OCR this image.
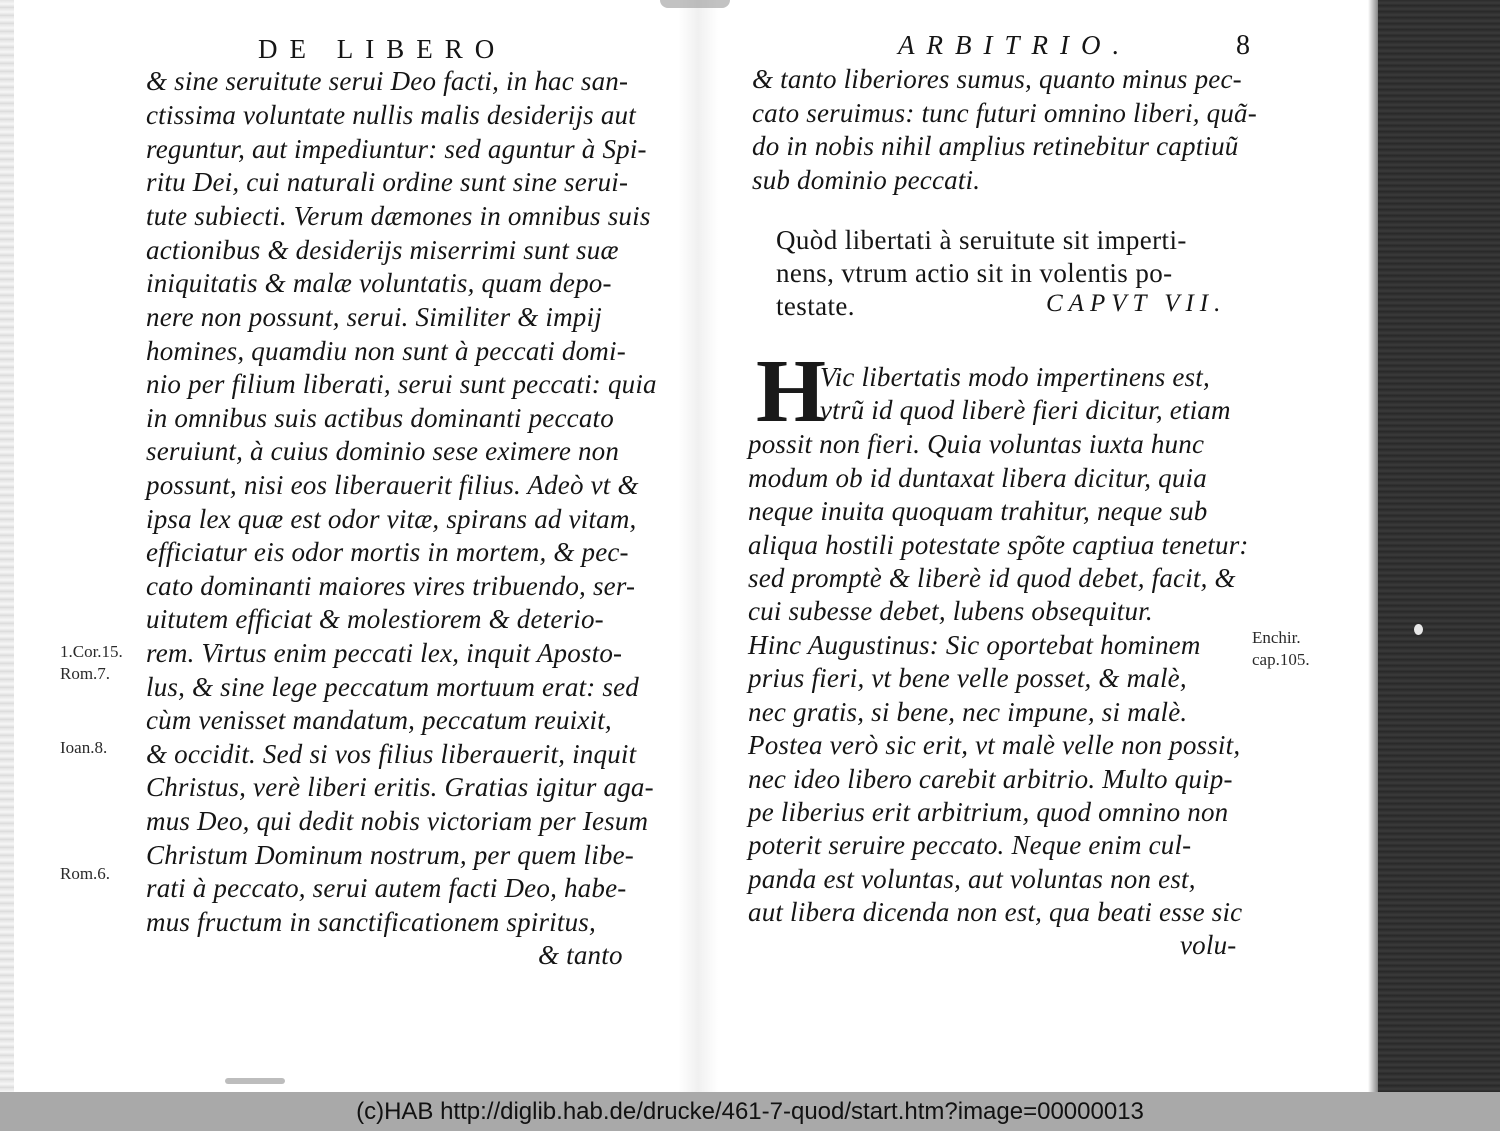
DE LIBERO
& sine seruitute serui Deo facti, in hac san-
ctissima voluntate nullis malis desiderijs aut
reguntur, aut impediuntur: sed aguntur à Spi-
ritu Dei, cui naturali ordine sunt sine serui-
tute subiecti. Verum dæmones in omnibus suis
actionibus & desiderijs miserrimi sunt suæ
iniquitatis & malæ voluntatis, quam depo-
nere non possunt, serui. Similiter & impij
homines, quamdiu non sunt à peccati domi-
nio per filium liberati, serui sunt peccati: quia
in omnibus suis actibus dominanti peccato
seruiunt, à cuius dominio sese eximere non
possunt, nisi eos liberauerit filius. Adeò vt &
ipsa lex quæ est odor vitæ, spirans ad vitam,
efficiatur eis odor mortis in mortem, & pec-
cato dominanti maiores vires tribuendo, ser-
uitutem efficiat & molestiorem & deterio-
rem. Virtus enim peccati lex, inquit Aposto-
lus, & sine lege peccatum mortuum erat: sed
cùm venisset mandatum, peccatum reuixit,
& occidit. Sed si vos filius liberauerit, inquit
Christus, verè liberi eritis. Gratias igitur aga-
mus Deo, qui dedit nobis victoriam per Iesum
Christum Dominum nostrum, per quem libe-
rati à peccato, serui autem facti Deo, habe-
mus fructum in sanctificationem spiritus,
& tanto
1.Cor.15.
Rom.7.
Ioan.8.
Rom.6.
ARBITRIO.	8
& tanto liberiores sumus, quanto minus pec-
cato seruimus: tunc futuri omnino liberi, quã-
do in nobis nihil amplius retinebitur captiuũ
sub dominio peccati.
Quòd libertati à seruitute sit imperti-
nens, vtrum actio sit in volentis po-
testate.	CAPVT VII.
H
Vic libertatis modo impertinens est,
vtrũ id quod liberè fieri dicitur, etiam
possit non fieri. Quia voluntas iuxta hunc
modum ob id duntaxat libera dicitur, quia
neque inuita quoquam trahitur, neque sub
aliqua hostili potestate spõte captiua tenetur:
sed promptè & liberè id quod debet, facit, &
cui subesse debet, lubens obsequitur.
Hinc Augustinus: Sic oportebat hominem
prius fieri, vt bene velle posset, & malè,
nec gratis, si bene, nec impune, si malè.
Postea verò sic erit, vt malè velle non possit,
nec ideo libero carebit arbitrio. Multo quip-
pe liberius erit arbitrium, quod omnino non
poterit seruire peccato. Neque enim cul-
panda est voluntas, aut voluntas non est,
aut libera dicenda non est, qua beati esse sic
volu-
Enchir.
cap.105.
(c)HAB http://diglib.hab.de/drucke/461-7-quod/start.htm?image=00000013
